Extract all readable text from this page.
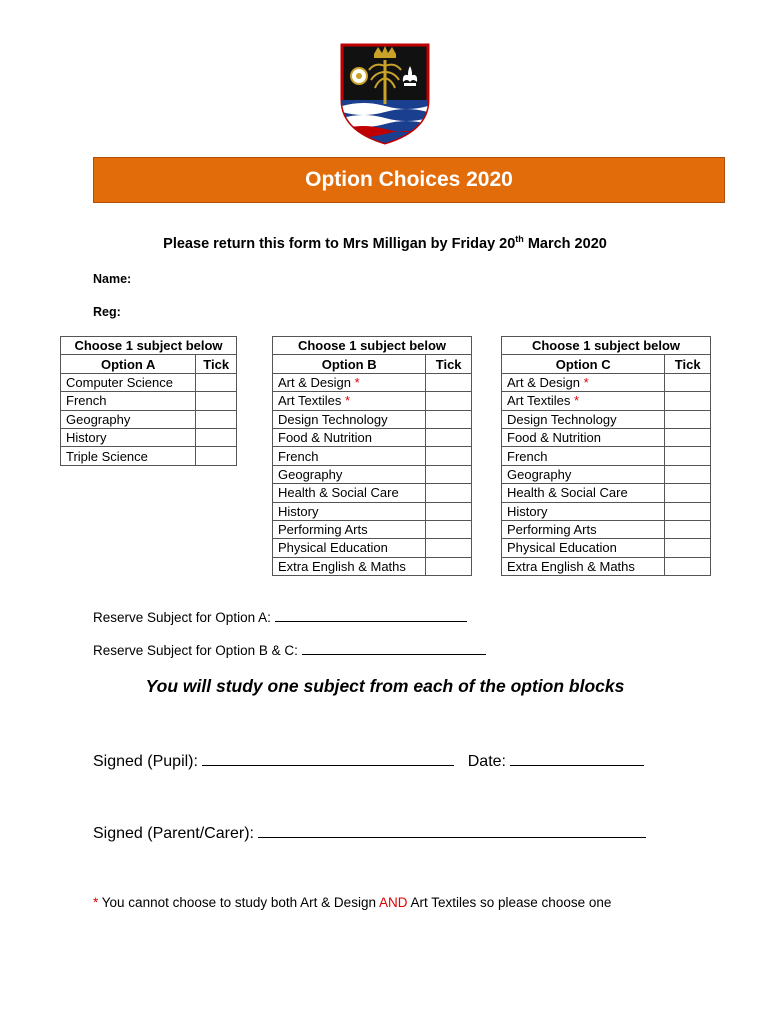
Option Choices 2020
Please return this form to Mrs Milligan by Friday 20th March 2020
Name:
Reg:
Choose 1 subject below	
Option A	Tick
Computer Science	
French	
Geography	
History	
Triple Science	
Choose 1 subject below	
Option B	Tick
Art & Design *	
Art Textiles *	
Design Technology	
Food & Nutrition	
French	
Geography	
Health & Social Care	
History	
Performing Arts	
Physical Education	
Extra English & Maths	
Choose 1 subject below	
Option C	Tick
Art & Design *	
Art Textiles *	
Design Technology	
Food & Nutrition	
French	
Geography	
Health & Social Care	
History	
Performing Arts	
Physical Education	
Extra English & Maths	
Reserve Subject for Option A:
Reserve Subject for Option B & C:
You will study one subject from each of the option blocks
Signed (Pupil):	Date:
Signed (Parent/Carer):
* You cannot choose to study both Art & Design AND Art Textiles so please choose one
